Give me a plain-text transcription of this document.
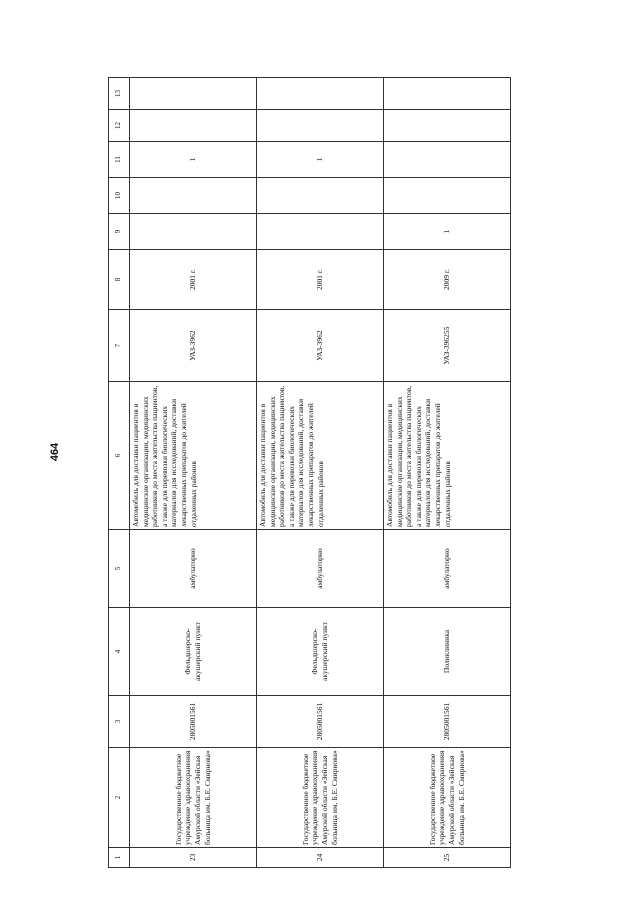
464
1	2	3	4	5	6	7	8	9	10	11	12	13
23	Государственное бюджетное учреждение здравоохранения Амурской области «Зейская больница им. Б.Е. Смирнова»	2805001561	Фельдшерско-акушерский пункт	амбулаторно	Автомобиль для доставки пациентов в медицинские организации, медицинских работников до места жительства пациентов, а также для перевозки биологических материалов для исследований, доставки лекарственных препаратов до жителей отдаленных районов	УАЗ-3962	2001 г.			1		
24	Государственное бюджетное учреждение здравоохранения Амурской области «Зейская больница им. Б.Е. Смирнова»	2805001561	Фельдшерско-акушерский пункт	амбулаторно	Автомобиль для доставки пациентов в медицинские организации, медицинских работников до места жительства пациентов, а также для перевозки биологических материалов для исследований, доставки лекарственных препаратов до жителей отдаленных районов	УАЗ-3962	2001 г.			1		
25	Государственное бюджетное учреждение здравоохранения Амурской области «Зейская больница им. Б.Е. Смирнова»	2805001561	Поликлиника	амбулаторно	Автомобиль для доставки пациентов в медицинские организации, медицинских работников до места жительства пациентов, а также для перевозки биологических материалов для исследований, доставки лекарственных препаратов до жителей отдаленных районов	УАЗ-396255	2009 г.	1				
